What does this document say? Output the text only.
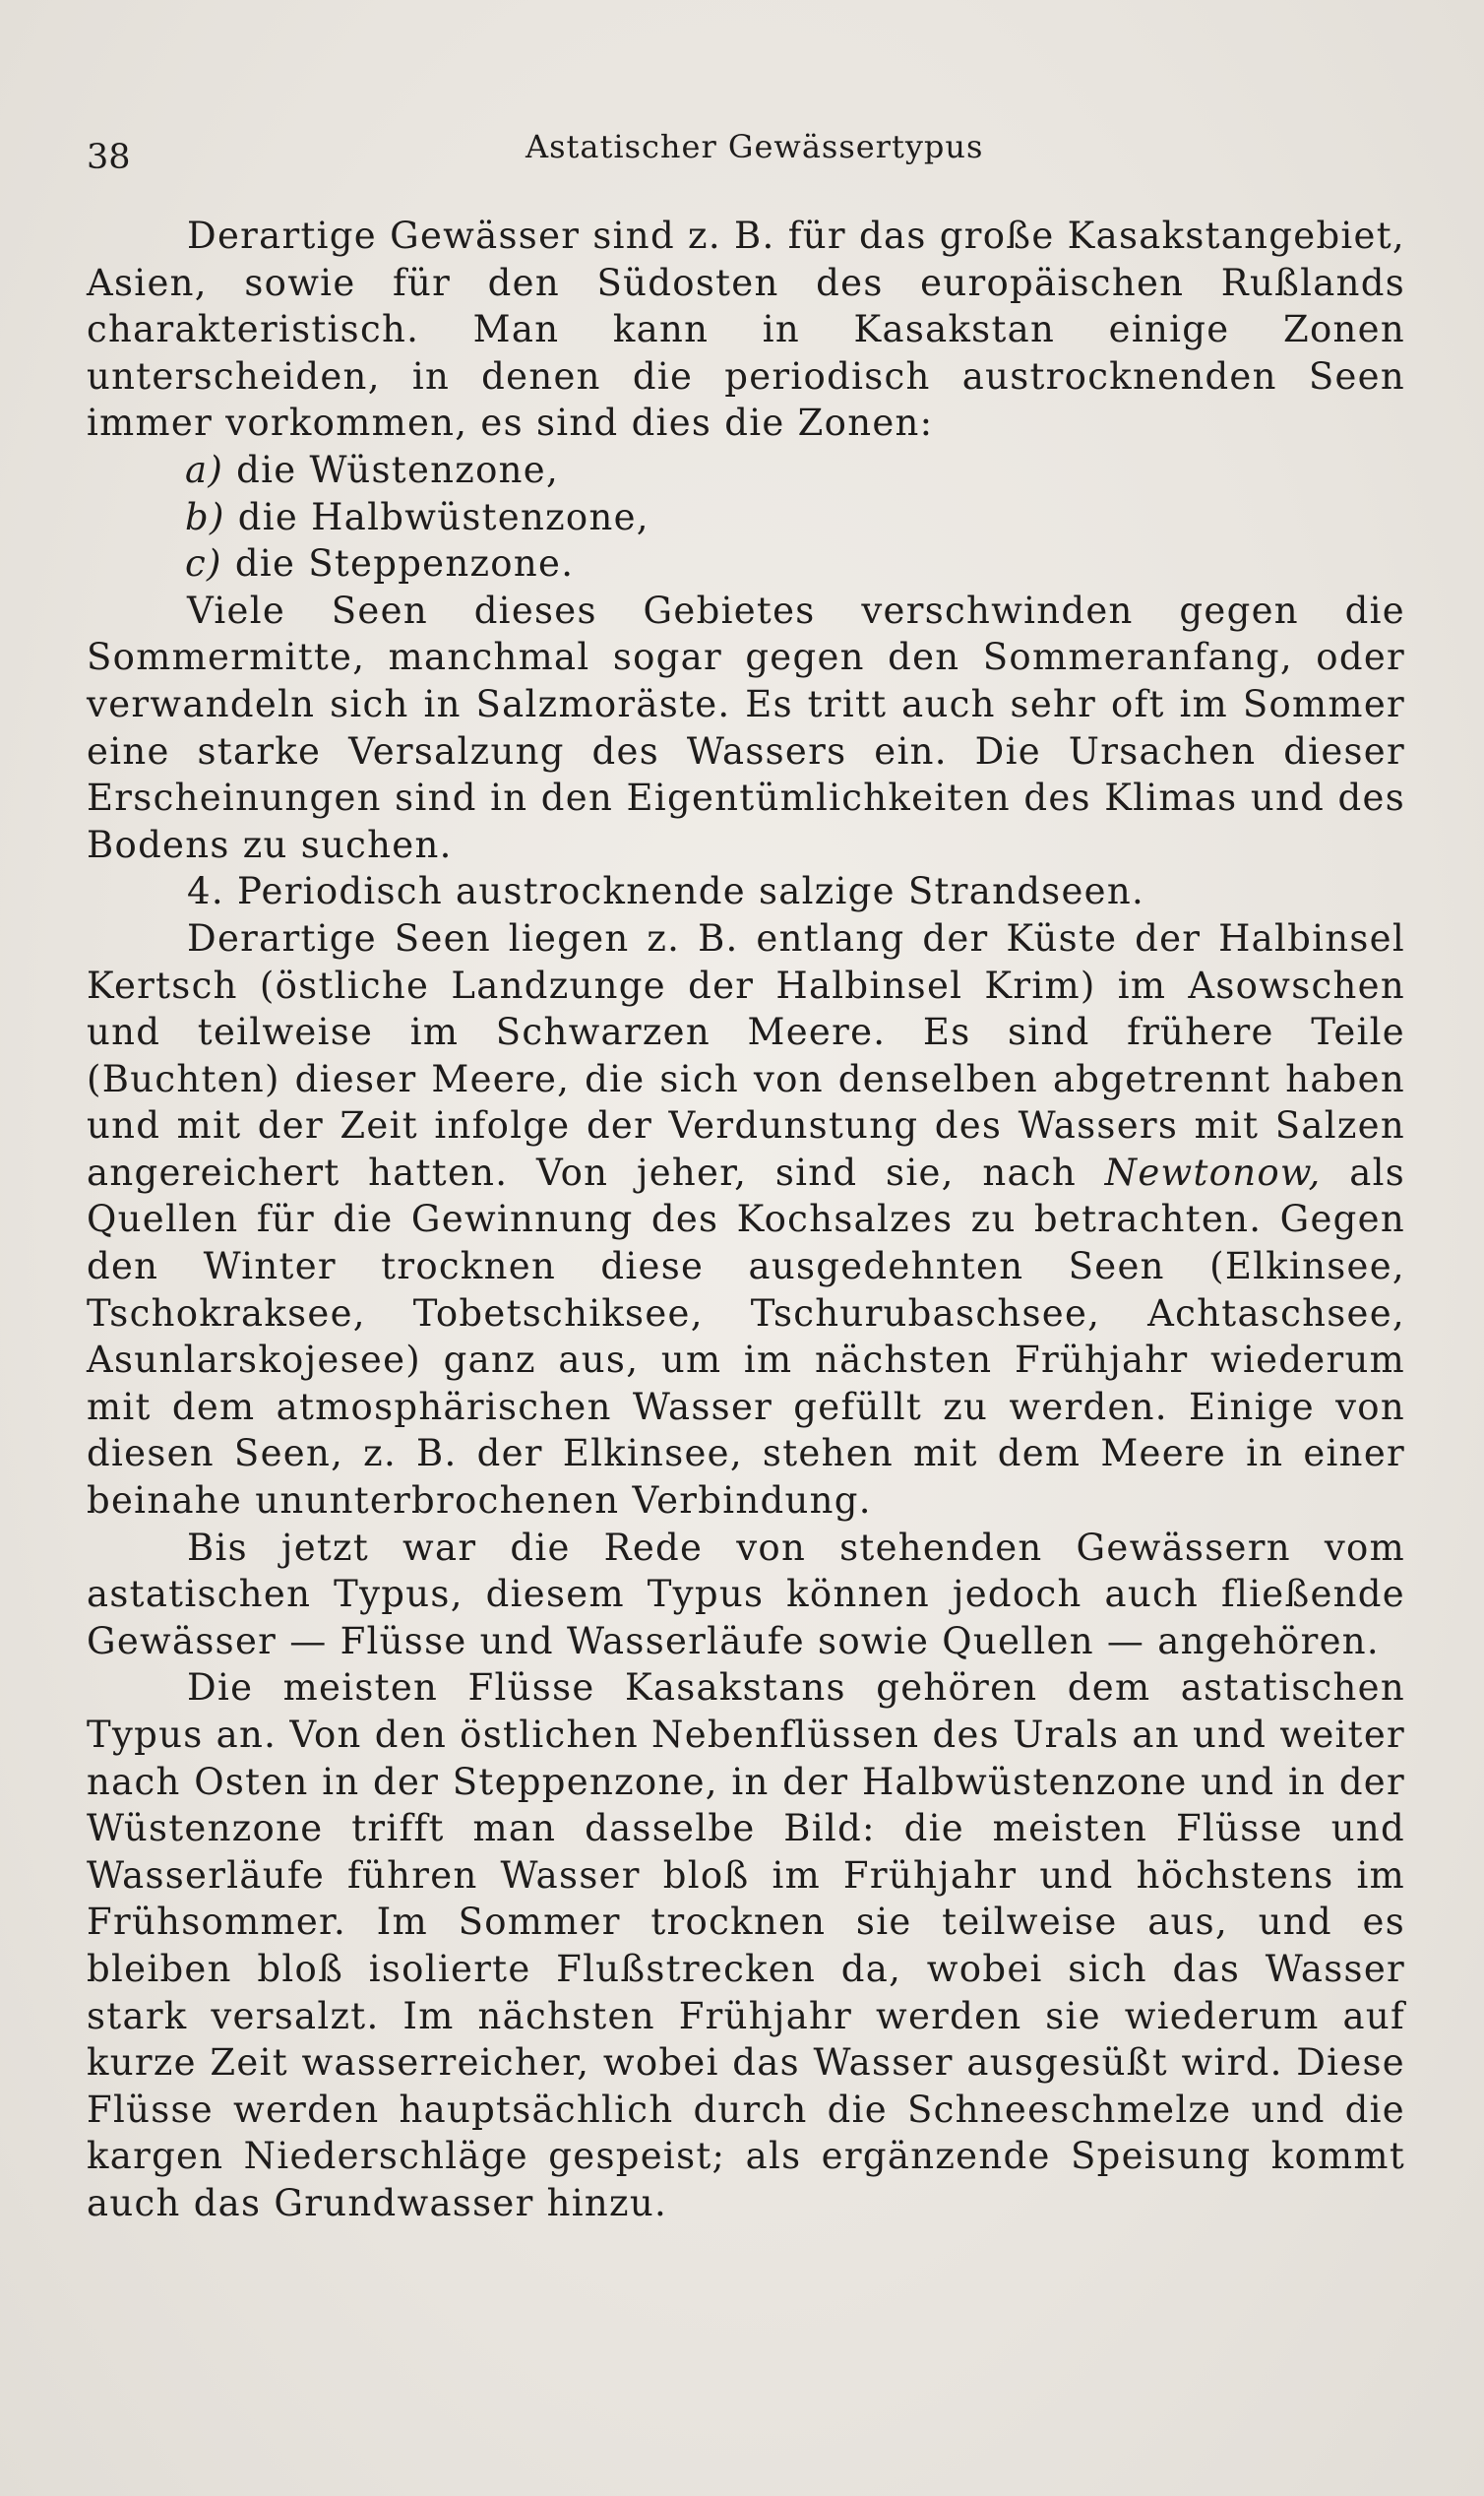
38	Astatischer Gewässertypus

Derartige Gewässer sind z. B. für das große Kasakstangebiet, Asien, sowie für den Südosten des europäischen Rußlands charakteristisch. Man kann in Kasakstan einige Zonen unterscheiden, in denen die periodisch austrocknenden Seen immer vorkommen, es sind dies die Zonen:

a) die Wüstenzone,

b) die Halbwüstenzone,

c) die Steppenzone.

Viele Seen dieses Gebietes verschwinden gegen die Sommermitte, manchmal sogar gegen den Sommeranfang, oder verwandeln sich in Salzmoräste. Es tritt auch sehr oft im Sommer eine starke Versalzung des Wassers ein. Die Ursachen dieser Erscheinungen sind in den Eigentümlichkeiten des Klimas und des Bodens zu suchen.

4. Periodisch austrocknende salzige Strandseen.

Derartige Seen liegen z. B. entlang der Küste der Halbinsel Kertsch (östliche Landzunge der Halbinsel Krim) im Asowschen und teilweise im Schwarzen Meere. Es sind frühere Teile (Buchten) dieser Meere, die sich von denselben abgetrennt haben und mit der Zeit infolge der Verdunstung des Wassers mit Salzen angereichert hatten. Von jeher, sind sie, nach Newtonow, als Quellen für die Gewinnung des Kochsalzes zu betrachten. Gegen den Winter trocknen diese ausgedehnten Seen (Elkinsee, Tschokraksee, Tobetschiksee, Tschurubaschsee, Achtaschsee, Asunlarskojesee) ganz aus, um im nächsten Frühjahr wiederum mit dem atmosphärischen Wasser gefüllt zu werden. Einige von diesen Seen, z. B. der Elkinsee, stehen mit dem Meere in einer beinahe ununterbrochenen Verbindung.

Bis jetzt war die Rede von stehenden Gewässern vom astatischen Typus, diesem Typus können jedoch auch fließende Gewässer — Flüsse und Wasserläufe sowie Quellen — angehören.

Die meisten Flüsse Kasakstans gehören dem astatischen Typus an. Von den östlichen Nebenflüssen des Urals an und weiter nach Osten in der Steppenzone, in der Halbwüstenzone und in der Wüstenzone trifft man dasselbe Bild: die meisten Flüsse und Wasserläufe führen Wasser bloß im Frühjahr und höchstens im Frühsommer. Im Sommer trocknen sie teilweise aus, und es bleiben bloß isolierte Flußstrecken da, wobei sich das Wasser stark versalzt. Im nächsten Frühjahr werden sie wiederum auf kurze Zeit wasserreicher, wobei das Wasser ausgesüßt wird. Diese Flüsse werden hauptsächlich durch die Schneeschmelze und die kargen Niederschläge gespeist; als ergänzende Speisung kommt auch das Grundwasser hinzu.
